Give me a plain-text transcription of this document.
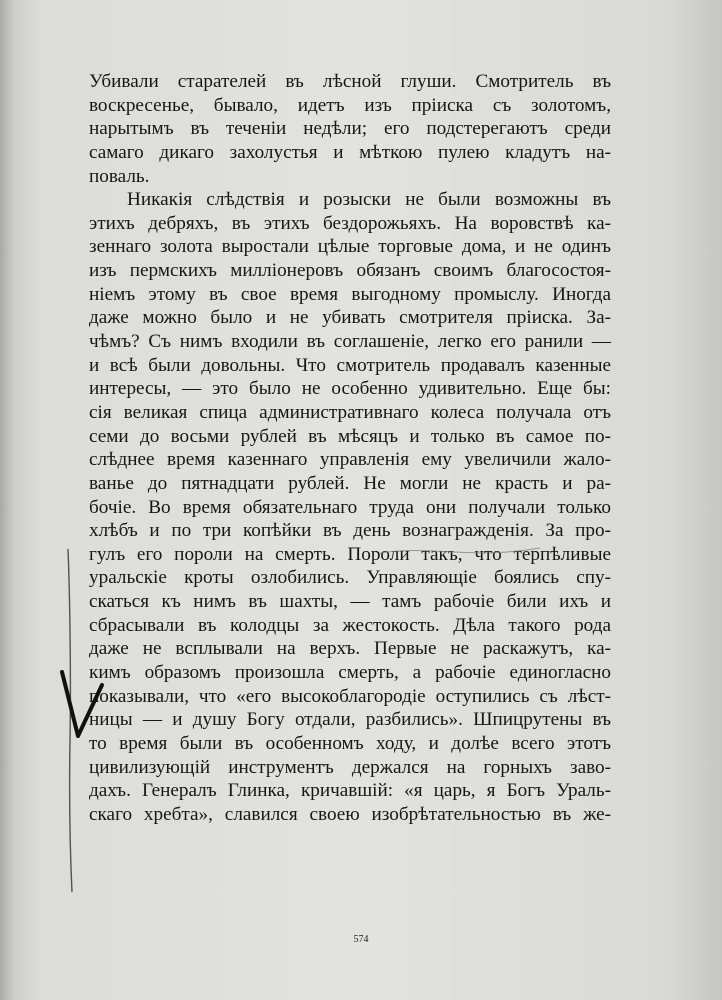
Убивали старателей въ лѣсной глуши. Смотритель въ
воскресенье, бывало, идетъ изъ пріиска съ золотомъ,
нарытымъ въ теченіи недѣли; его подстерегаютъ среди
самаго дикаго захолустья и мѣткою пулею кладутъ на-
поваль.
Никакія слѣдствія и розыски не были возможны въ
этихъ дебряхъ, въ этихъ бездорожьяхъ. На воровствѣ ка-
зеннаго золота выростали цѣлые торговые дома, и не одинъ
изъ пермскихъ милліонеровъ обязанъ своимъ благосостоя-
ніемъ этому въ свое время выгодному промыслу. Иногда
даже можно было и не убивать смотрителя пріиска. За-
чѣмъ? Съ нимъ входили въ соглашеніе, легко его ранили —
и всѣ были довольны. Что смотритель продавалъ казенные
интересы, — это было не особенно удивительно. Еще бы:
сія великая спица административнаго колеса получала отъ
семи до восьми рублей въ мѣсяцъ и только въ самое по-
слѣднее время казеннаго управленія ему увеличили жало-
ванье до пятнадцати рублей. Не могли не красть и ра-
бочіе. Во время обязательнаго труда они получали только
хлѣбъ и по три копѣйки въ день вознагражденія. За про-
гулъ его пороли на смерть. Пороли такъ, что терпѣливые
уральскіе кроты озлобились. Управляющіе боялись спу-
скаться къ нимъ въ шахты, — тамъ рабочіе били ихъ и
сбрасывали въ колодцы за жестокость. Дѣла такого рода
даже не всплывали на верхъ. Первые не раскажутъ, ка-
кимъ образомъ произошла смерть, а рабочіе единогласно
показывали, что «его высокоблагородіе оступились съ лѣст-
ницы — и душу Богу отдали, разбились». Шпицрутены въ
то время были въ особенномъ ходу, и долѣе всего этотъ
цивилизующій инструментъ держался на горныхъ заво-
дахъ. Генералъ Глинка, кричавшій: «я царь, я Богъ Ураль-
скаго хребта», славился своею изобрѣтательностью въ же-
574
